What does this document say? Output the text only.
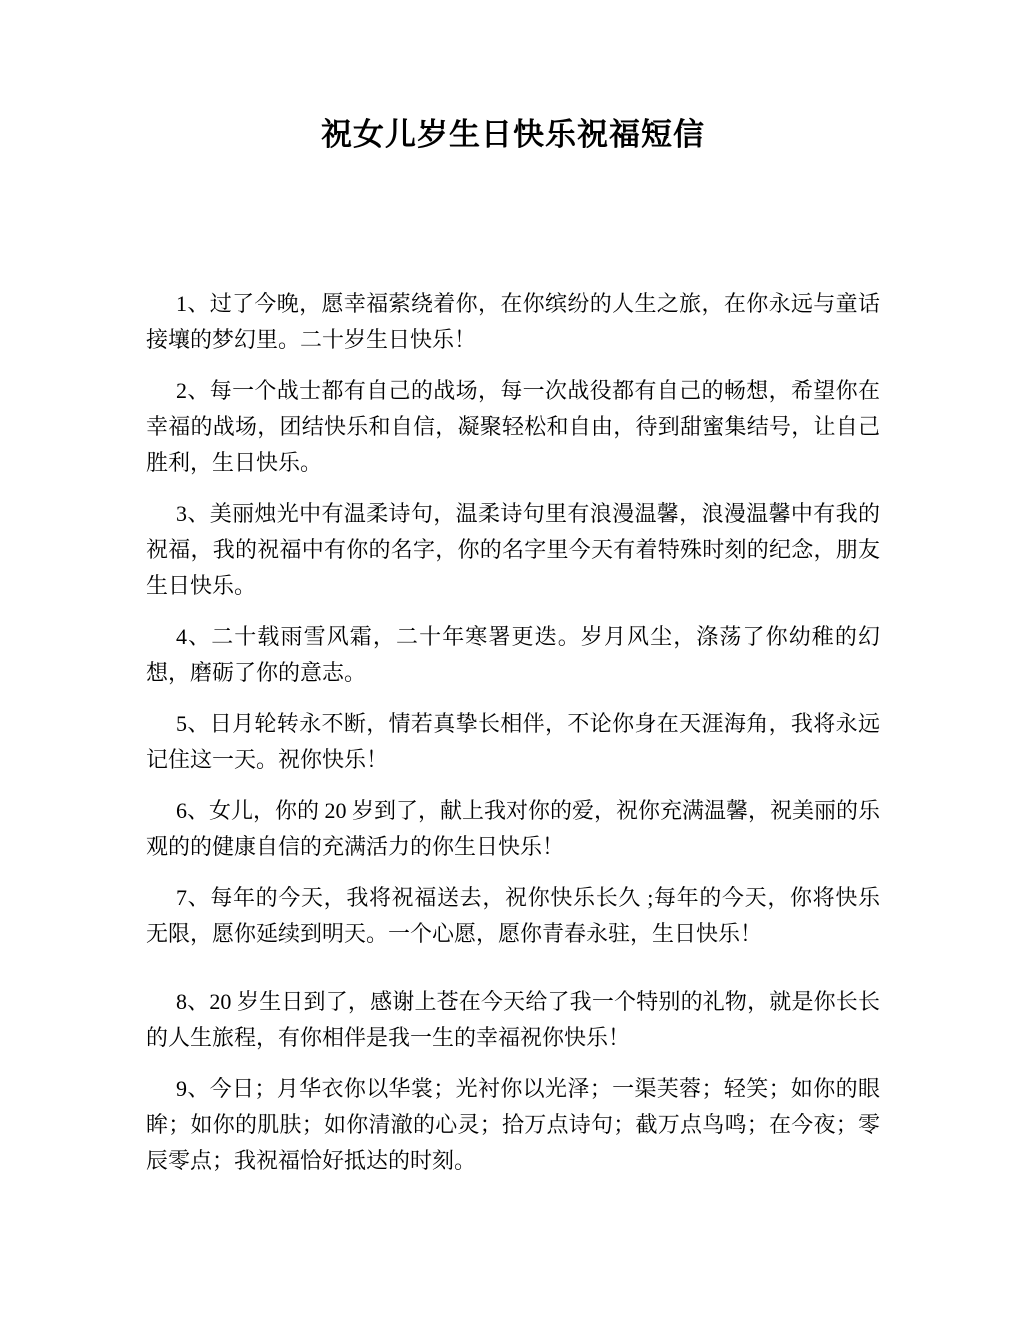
祝女儿岁生日快乐祝福短信

1、过了今晚，愿幸福萦绕着你，在你缤纷的人生之旅，在你永远与童话接壤的梦幻里。二十岁生日快乐！

2、每一个战士都有自己的战场，每一次战役都有自己的畅想，希望你在幸福的战场，团结快乐和自信，凝聚轻松和自由，待到甜蜜集结号，让自己胜利，生日快乐。

3、美丽烛光中有温柔诗句，温柔诗句里有浪漫温馨，浪漫温馨中有我的祝福，我的祝福中有你的名字，你的名字里今天有着特殊时刻的纪念，朋友生日快乐。

4、二十载雨雪风霜，二十年寒署更迭。岁月风尘，涤荡了你幼稚的幻想，磨砺了你的意志。

5、日月轮转永不断，情若真挚长相伴，不论你身在天涯海角，我将永远记住这一天。祝你快乐！

6、女儿，你的 20 岁到了，献上我对你的爱，祝你充满温馨，祝美丽的乐观的的健康自信的充满活力的你生日快乐！

7、每年的今天，我将祝福送去，祝你快乐长久 ;每年的今天，你将快乐无限，愿你延续到明天。一个心愿，愿你青春永驻，生日快乐！

8、20 岁生日到了，感谢上苍在今天给了我一个特别的礼物，就是你长长的人生旅程，有你相伴是我一生的幸福祝你快乐！

9、今日；月华衣你以华裳；光衬你以光泽；一渠芙蓉；轻笑；如你的眼眸；如你的肌肤；如你清澈的心灵；拾万点诗句；截万点鸟鸣；在今夜；零辰零点；我祝福恰好抵达的时刻。
